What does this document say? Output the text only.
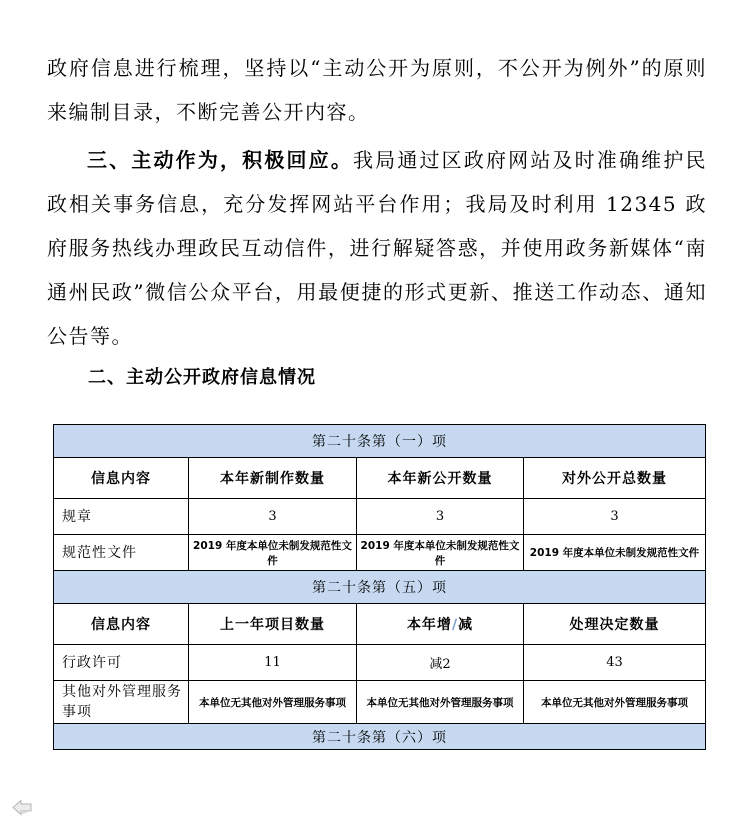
政府信息进行梳理，坚持以“主动公开为原则，不公开为例外”的原则来编制目录，不断完善公开内容。

三、主动作为，积极回应。我局通过区政府网站及时准确维护民政相关事务信息，充分发挥网站平台作用；我局及时利用 12345 政府服务热线办理政民互动信件，进行解疑答惑，并使用政务新媒体“南通州民政”微信公众平台，用最便捷的形式更新、推送工作动态、通知公告等。

二、主动公开政府信息情况
第二十条第（一）项			
信息内容	本年新制作数量	本年新公开数量	对外公开总数量
规章	3	3	3
规范性文件	2019 年度本单位未制发规范性文件	2019 年度本单位未制发规范性文件	2019 年度本单位未制发规范性文件
第二十条第（五）项			
信息内容	上一年项目数量	本年增/减	处理决定数量
行政许可	11	减2	43
其他对外管理服务事项	本单位无其他对外管理服务事项	本单位无其他对外管理服务事项	本单位无其他对外管理服务事项
第二十条第（六）项			
